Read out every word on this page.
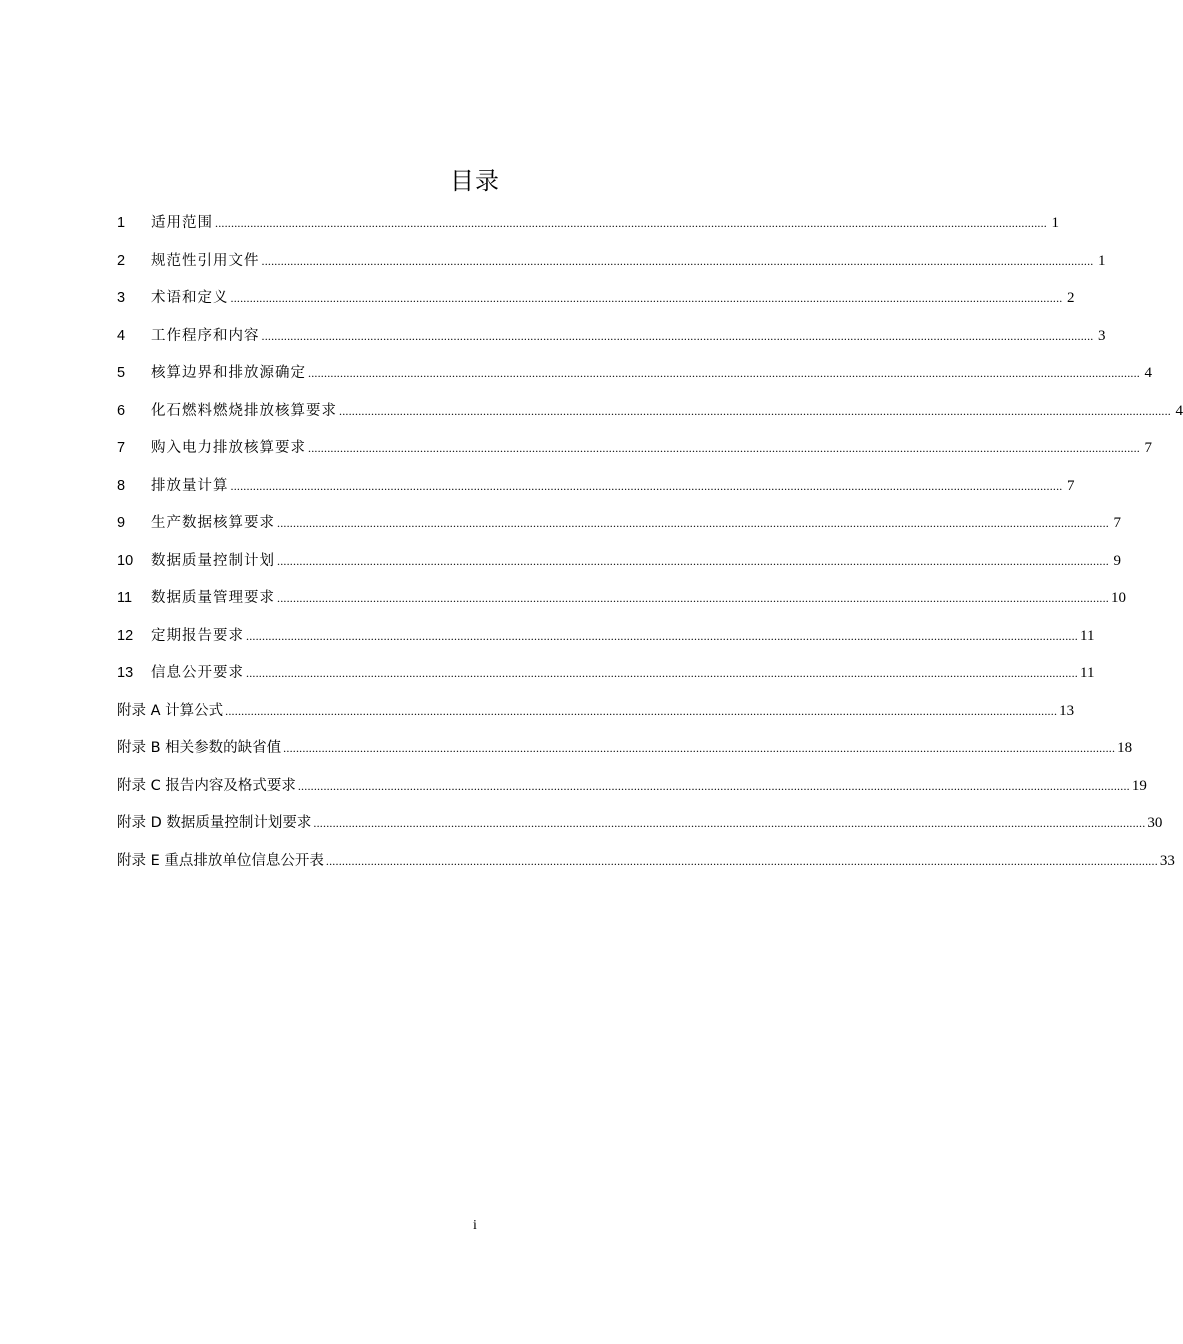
目录
1	适用范围 .................................................................................................................................................................................................................................................................... 1
2	规范性引用文件 .................................................................................................................................................................................................................................................................... 1
3	术语和定义 .................................................................................................................................................................................................................................................................... 2
4	工作程序和内容 .................................................................................................................................................................................................................................................................... 3
5	核算边界和排放源确定 .................................................................................................................................................................................................................................................................... 4
6	化石燃料燃烧排放核算要求 .................................................................................................................................................................................................................................................................... 4
7	购入电力排放核算要求 .................................................................................................................................................................................................................................................................... 7
8	排放量计算 .................................................................................................................................................................................................................................................................... 7
9	生产数据核算要求 .................................................................................................................................................................................................................................................................... 7
10	数据质量控制计划 .................................................................................................................................................................................................................................................................... 9
11	数据质量管理要求 .................................................................................................................................................................................................................................................................... 10
12	定期报告要求 .................................................................................................................................................................................................................................................................... 11
13	信息公开要求 .................................................................................................................................................................................................................................................................... 11
附录 A 计算公式 .................................................................................................................................................................................................................................................................... 13
附录 B 相关参数的缺省值 .................................................................................................................................................................................................................................................................... 18
附录 C 报告内容及格式要求 .................................................................................................................................................................................................................................................................... 19
附录 D 数据质量控制计划要求 .................................................................................................................................................................................................................................................................... 30
附录 E 重点排放单位信息公开表 .................................................................................................................................................................................................................................................................... 33
i
